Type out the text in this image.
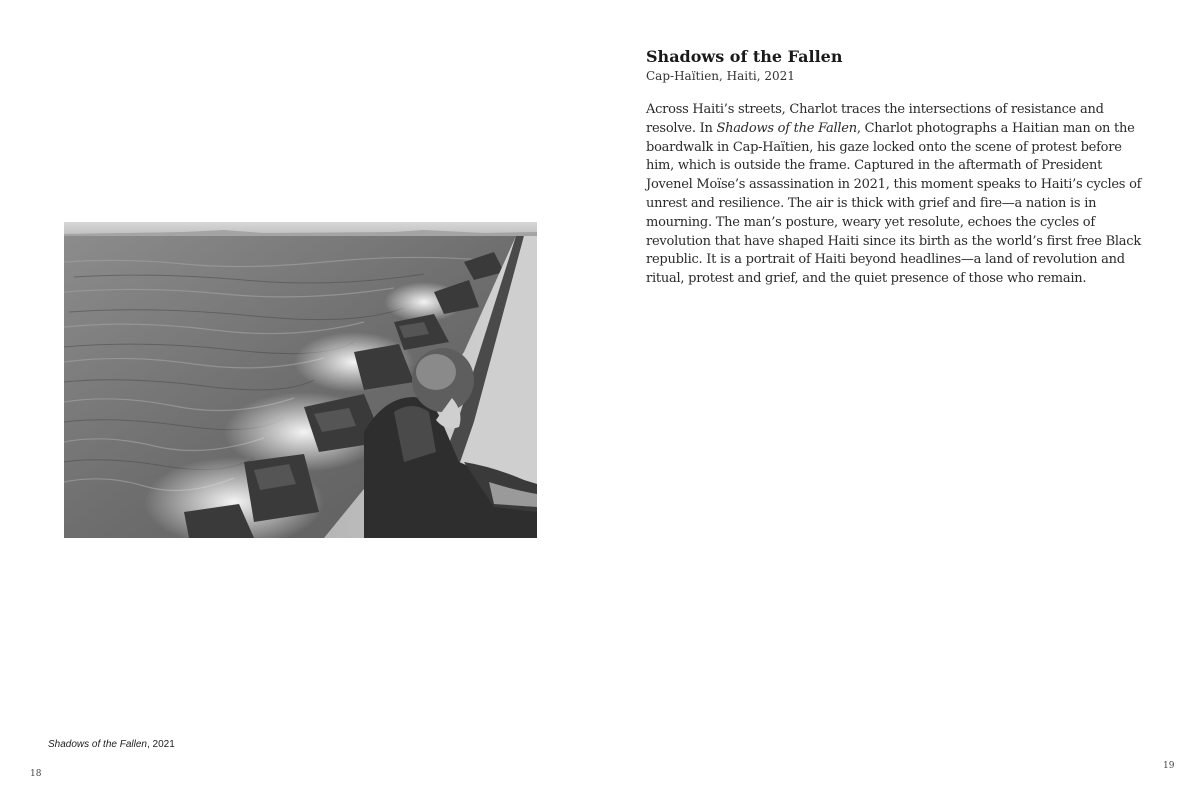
Shadows of the Fallen, 2021
18
Shadows of the Fallen

Cap-Haïtien, Haiti, 2021

Across Haiti’s streets, Charlot traces the intersections of resistance and resolve. In Shadows of the Fallen, Charlot photographs a Haitian man on the boardwalk in Cap-Haïtien, his gaze locked onto the scene of protest before him, which is outside the frame. Captured in the aftermath of President Jovenel Moïse’s assassination in 2021, this moment speaks to Haiti’s cycles of unrest and resilience. The air is thick with grief and fire—a nation is in mourning. The man’s posture, weary yet resolute, echoes the cycles of revolution that have shaped Haiti since its birth as the world’s first free Black republic. It is a portrait of Haiti beyond headlines—a land of revolution and ritual, protest and grief, and the quiet presence of those who remain.

19
